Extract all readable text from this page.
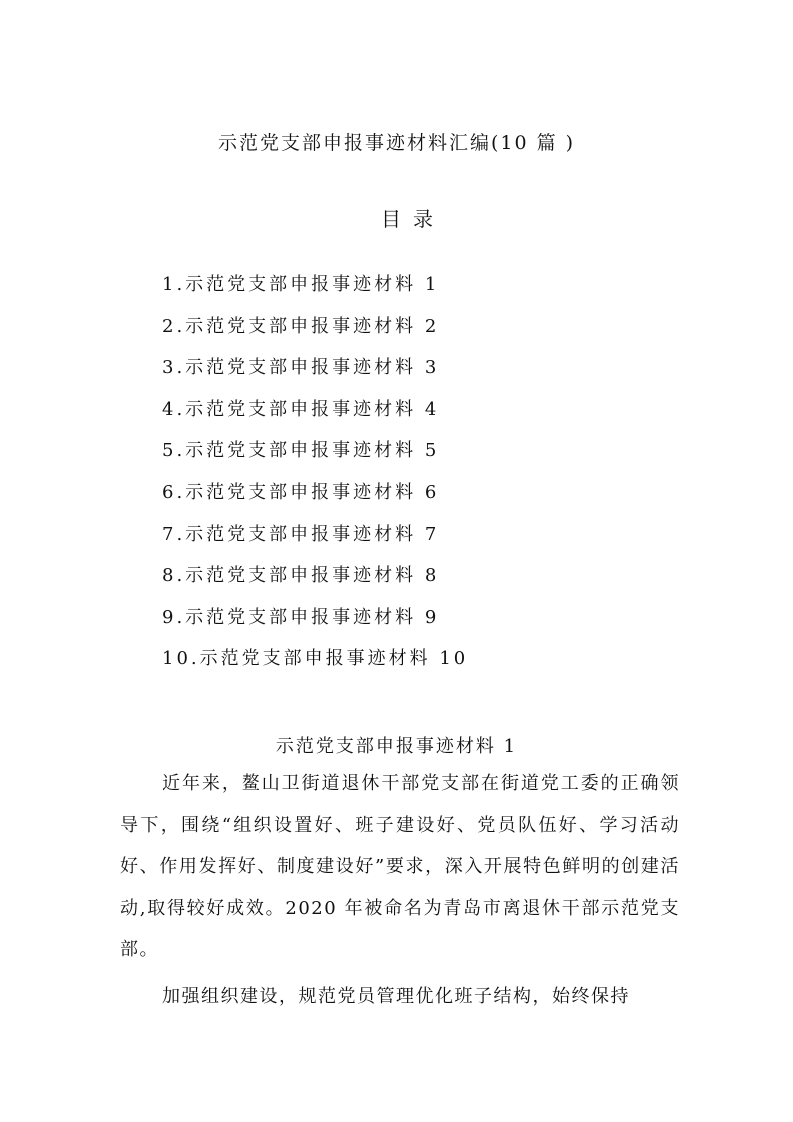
示范党支部申报事迹材料汇编(10 篇 )
目录
1.示范党支部申报事迹材料 1
2.示范党支部申报事迹材料 2
3.示范党支部申报事迹材料 3
4.示范党支部申报事迹材料 4
5.示范党支部申报事迹材料 5
6.示范党支部申报事迹材料 6
7.示范党支部申报事迹材料 7
8.示范党支部申报事迹材料 8
9.示范党支部申报事迹材料 9
10.示范党支部申报事迹材料 10
示范党支部申报事迹材料 1

近年来，鳌山卫街道退休干部党支部在街道党工委的正确领导下，围绕“组织设置好、班子建设好、党员队伍好、学习活动好、作用发挥好、制度建设好”要求，深入开展特色鲜明的创建活动,取得较好成效。2020 年被命名为青岛市离退休干部示范党支部。

加强组织建设，规范党员管理优化班子结构，始终保持
